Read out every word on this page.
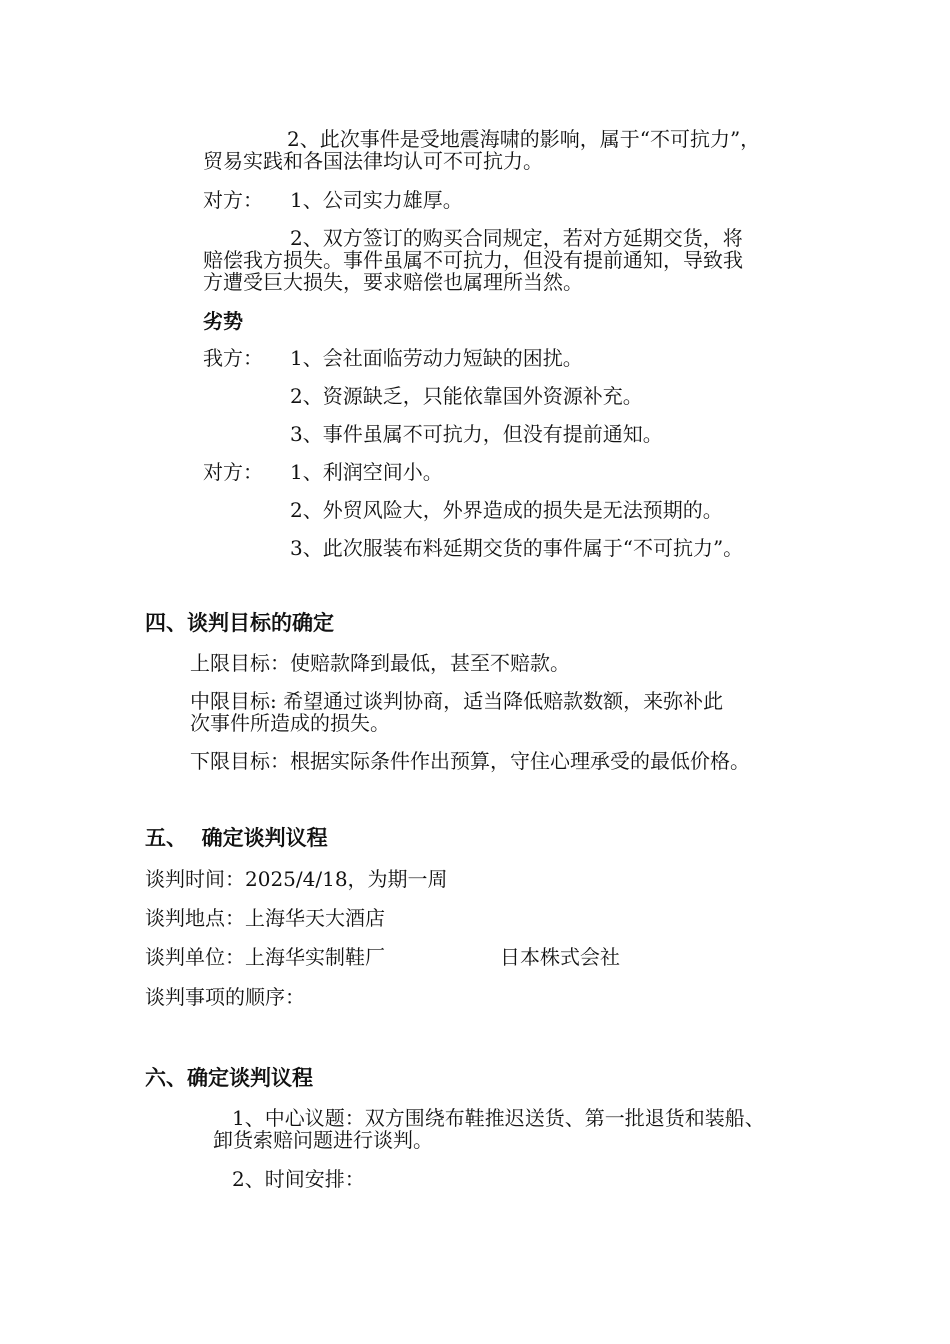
2、此次事件是受地震海啸的影响，属于“不可抗力”，
贸易实践和各国法律均认可不可抗力。
对方： 1、公司实力雄厚。
2、双方签订的购买合同规定，若对方延期交货，将
赔偿我方损失。事件虽属不可抗力，但没有提前通知，导致我
方遭受巨大损失，要求赔偿也属理所当然。
劣势
我方： 1、会社面临劳动力短缺的困扰。
2、资源缺乏，只能依靠国外资源补充。
3、事件虽属不可抗力，但没有提前通知。
对方： 1、利润空间小。
2、外贸风险大，外界造成的损失是无法预期的。
3、此次服装布料延期交货的事件属于“不可抗力”。
四、谈判目标的确定
上限目标：使赔款降到最低，甚至不赔款。
中限目标: 希望通过谈判协商，适当降低赔款数额，来弥补此
次事件所造成的损失。
下限目标：根据实际条件作出预算，守住心理承受的最低价格。
五、  确定谈判议程
谈判时间：2025/4/18，为期一周
谈判地点：上海华天大酒店
谈判单位：上海华实制鞋厂	日本株式会社
谈判事项的顺序：
六、确定谈判议程
1、中心议题：双方围绕布鞋推迟送货、第一批退货和装船、
卸货索赔问题进行谈判。
2、时间安排：
